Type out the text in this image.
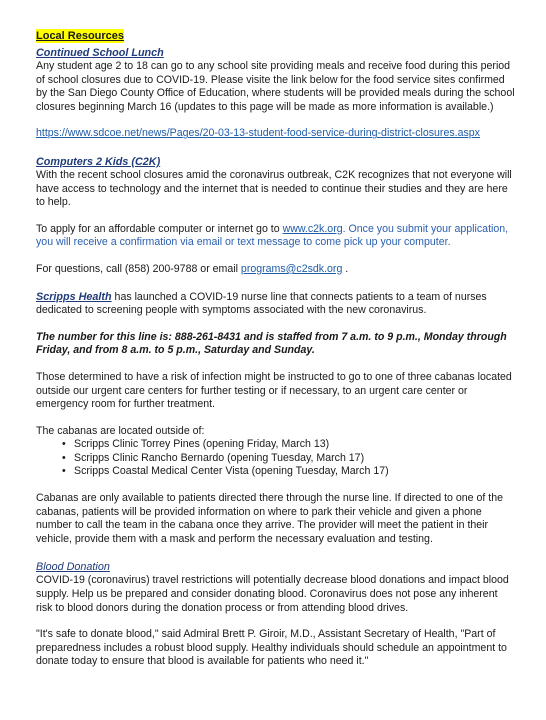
Local Resources
Continued School Lunch

Any student age 2 to 18 can go to any school site providing meals and receive food during this period of school closures due to COVID-19. Please visite the link below for the food service sites confirmed by the San Diego County Office of Education, where students will be provided meals during the school closures beginning March 16 (updates to this page will be made as more information is available.)

https://www.sdcoe.net/news/Pages/20-03-13-student-food-service-during-district-closures.aspx

Computers 2 Kids (C2K)

With the recent school closures amid the coronavirus outbreak, C2K recognizes that not everyone will have access to technology and the internet that is needed to continue their studies and they are here to help.

To apply for an affordable computer or internet go to www.c2k.org. Once you submit your application, you will receive a confirmation via email or text message to come pick up your computer.

For questions, call (858) 200-9788 or email programs@c2sdk.org .

Scripps Health has launched a COVID-19 nurse line that connects patients to a team of nurses dedicated to screening people with symptoms associated with the new coronavirus.

The number for this line is: 888-261-8431 and is staffed from 7 a.m. to 9 p.m., Monday through Friday, and from 8 a.m. to 5 p.m., Saturday and Sunday.

Those determined to have a risk of infection might be instructed to go to one of three cabanas located outside our urgent care centers for further testing or if necessary, to an urgent care center or emergency room for further treatment.

The cabanas are located outside of:

• Scripps Clinic Torrey Pines (opening Friday, March 13)
• Scripps Clinic Rancho Bernardo (opening Tuesday, March 17)
• Scripps Coastal Medical Center Vista (opening Tuesday, March 17)

Cabanas are only available to patients directed there through the nurse line. If directed to one of the cabanas, patients will be provided information on where to park their vehicle and given a phone number to call the team in the cabana once they arrive. The provider will meet the patient in their vehicle, provide them with a mask and perform the necessary evaluation and testing.

Blood Donation

COVID-19 (coronavirus) travel restrictions will potentially decrease blood donations and impact blood supply. Help us be prepared and consider donating blood. Coronavirus does not pose any inherent risk to blood donors during the donation process or from attending blood drives.

"It's safe to donate blood," said Admiral Brett P. Giroir, M.D., Assistant Secretary of Health, "Part of preparedness includes a robust blood supply. Healthy individuals should schedule an appointment to donate today to ensure that blood is available for patients who need it."
